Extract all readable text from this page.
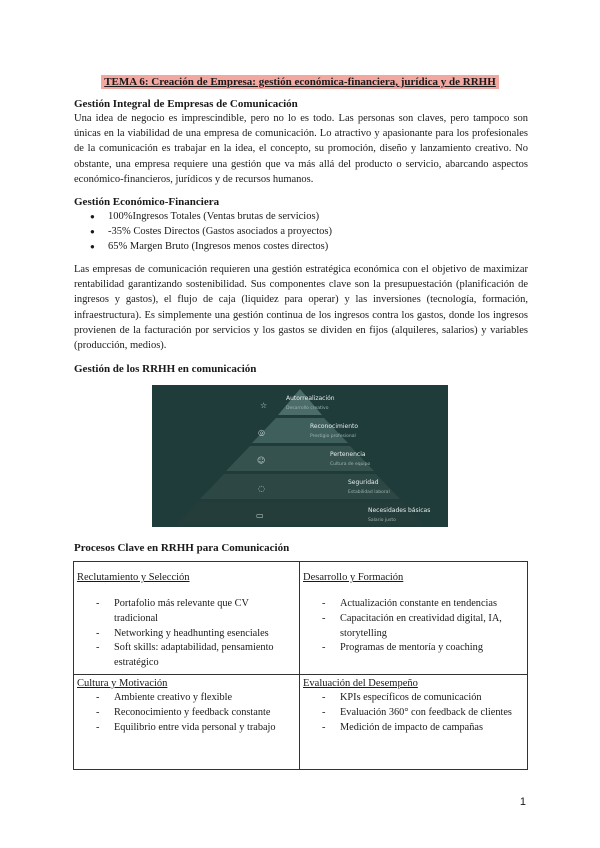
TEMA 6: Creación de Empresa: gestión económica-financiera, jurídica y de RRHH
Gestión Integral de Empresas de Comunicación

Una idea de negocio es imprescindible, pero no lo es todo. Las personas son claves, pero tampoco son únicas en la viabilidad de una empresa de comunicación. Lo atractivo y apasionante para los profesionales de la comunicación es trabajar en la idea, el concepto, su promoción, diseño y lanzamiento creativo. No obstante, una empresa requiere una gestión que va más allá del producto o servicio, abarcando aspectos económico-financieros, jurídicos y de recursos humanos.

Gestión Económico-Financiera
● 100%Ingresos Totales (Ventas brutas de servicios)
● -35% Costes Directos (Gastos asociados a proyectos)
● 65% Margen Bruto (Ingresos menos costes directos)

Las empresas de comunicación requieren una gestión estratégica económica con el objetivo de maximizar rentabilidad garantizando sostenibilidad. Sus componentes clave son la presupuestación (planificación de ingresos y gastos), el flujo de caja (liquidez para operar) y las inversiones (tecnología, formación, infraestructura). Es simplemente una gestión continua de los ingresos contra los gastos, donde los ingresos provienen de la facturación por servicios y los gastos se dividen en fijos (alquileres, salarios) y variables (producción, medios).

Gestión de los RRHH en comunicación
☆
◎
☺
◌
▭
Autorrealización
Desarrollo creativo
Reconocimiento
Prestigio profesional
Pertenencia
Cultura de equipo
Seguridad
Estabilidad laboral
Necesidades básicas
Salario justo
Procesos Clave en RRHH para Comunicación
Reclutamiento y Selección
- Portafolio más relevante que CV tradicional
- Networking y headhunting esenciales
- Soft skills: adaptabilidad, pensamiento estratégico
Desarrollo y Formación
- Actualización constante en tendencias
- Capacitación en creatividad digital, IA, storytelling
- Programas de mentoría y coaching
Cultura y Motivación
- Ambiente creativo y flexible
- Reconocimiento y feedback constante
- Equilibrio entre vida personal y trabajo
Evaluación del Desempeño
- KPIs específicos de comunicación
- Evaluación 360° con feedback de clientes
- Medición de impacto de campañas
1
